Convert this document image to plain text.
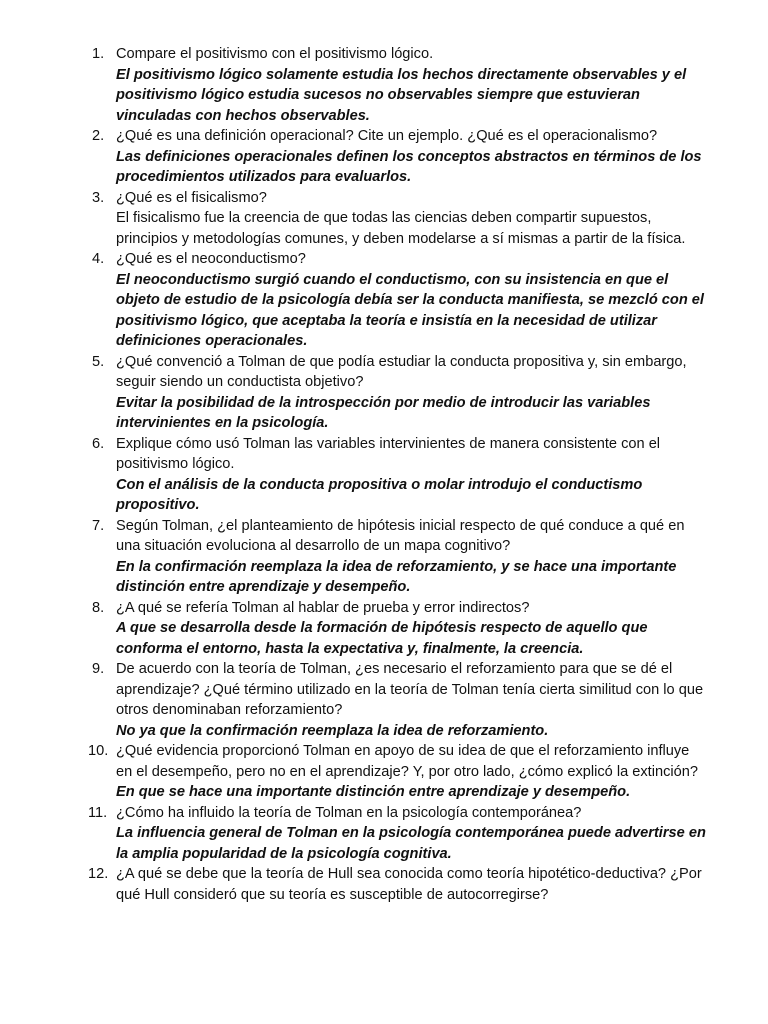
1. Compare el positivismo con el positivismo lógico.
El positivismo lógico solamente estudia los hechos directamente observables y el positivismo lógico estudia sucesos no observables siempre que estuvieran vinculadas con hechos observables.
2. ¿Qué es una definición operacional? Cite un ejemplo. ¿Qué es el operacionalismo?
Las definiciones operacionales definen los conceptos abstractos en términos de los procedimientos utilizados para evaluarlos.
3. ¿Qué es el fisicalismo?
El fisicalismo fue la creencia de que todas las ciencias deben compartir supuestos, principios y metodologías comunes, y deben modelarse a sí mismas a partir de la física.
4. ¿Qué es el neoconductismo?
El neoconductismo surgió cuando el conductismo, con su insistencia en que el objeto de estudio de la psicología debía ser la conducta manifiesta, se mezcló con el positivismo lógico, que aceptaba la teoría e insistía en la necesidad de utilizar definiciones operacionales.
5. ¿Qué convenció a Tolman de que podía estudiar la conducta propositiva y, sin embargo, seguir siendo un conductista objetivo?
Evitar la posibilidad de la introspección por medio de introducir las variables intervinientes en la psicología.
6. Explique cómo usó Tolman las variables intervinientes de manera consistente con el positivismo lógico.
Con el análisis de la conducta propositiva o molar introdujo el conductismo propositivo.
7. Según Tolman, ¿el planteamiento de hipótesis inicial respecto de qué conduce a qué en una situación evoluciona al desarrollo de un mapa cognitivo?
En la confirmación reemplaza la idea de reforzamiento, y se hace una importante distinción entre aprendizaje y desempeño.
8. ¿A qué se refería Tolman al hablar de prueba y error indirectos?
A que se desarrolla desde la formación de hipótesis respecto de aquello que conforma el entorno, hasta la expectativa y, finalmente, la creencia.
9. De acuerdo con la teoría de Tolman, ¿es necesario el reforzamiento para que se dé el aprendizaje? ¿Qué término utilizado en la teoría de Tolman tenía cierta similitud con lo que otros denominaban reforzamiento?
No ya que la confirmación reemplaza la idea de reforzamiento.
10. ¿Qué evidencia proporcionó Tolman en apoyo de su idea de que el reforzamiento influye en el desempeño, pero no en el aprendizaje? Y, por otro lado, ¿cómo explicó la extinción?
En que se hace una importante distinción entre aprendizaje y desempeño.
11. ¿Cómo ha influido la teoría de Tolman en la psicología contemporánea?
La influencia general de Tolman en la psicología contemporánea puede advertirse en la amplia popularidad de la psicología cognitiva.
12. ¿A qué se debe que la teoría de Hull sea conocida como teoría hipotético-deductiva? ¿Por qué Hull consideró que su teoría es susceptible de autocorregirse?
